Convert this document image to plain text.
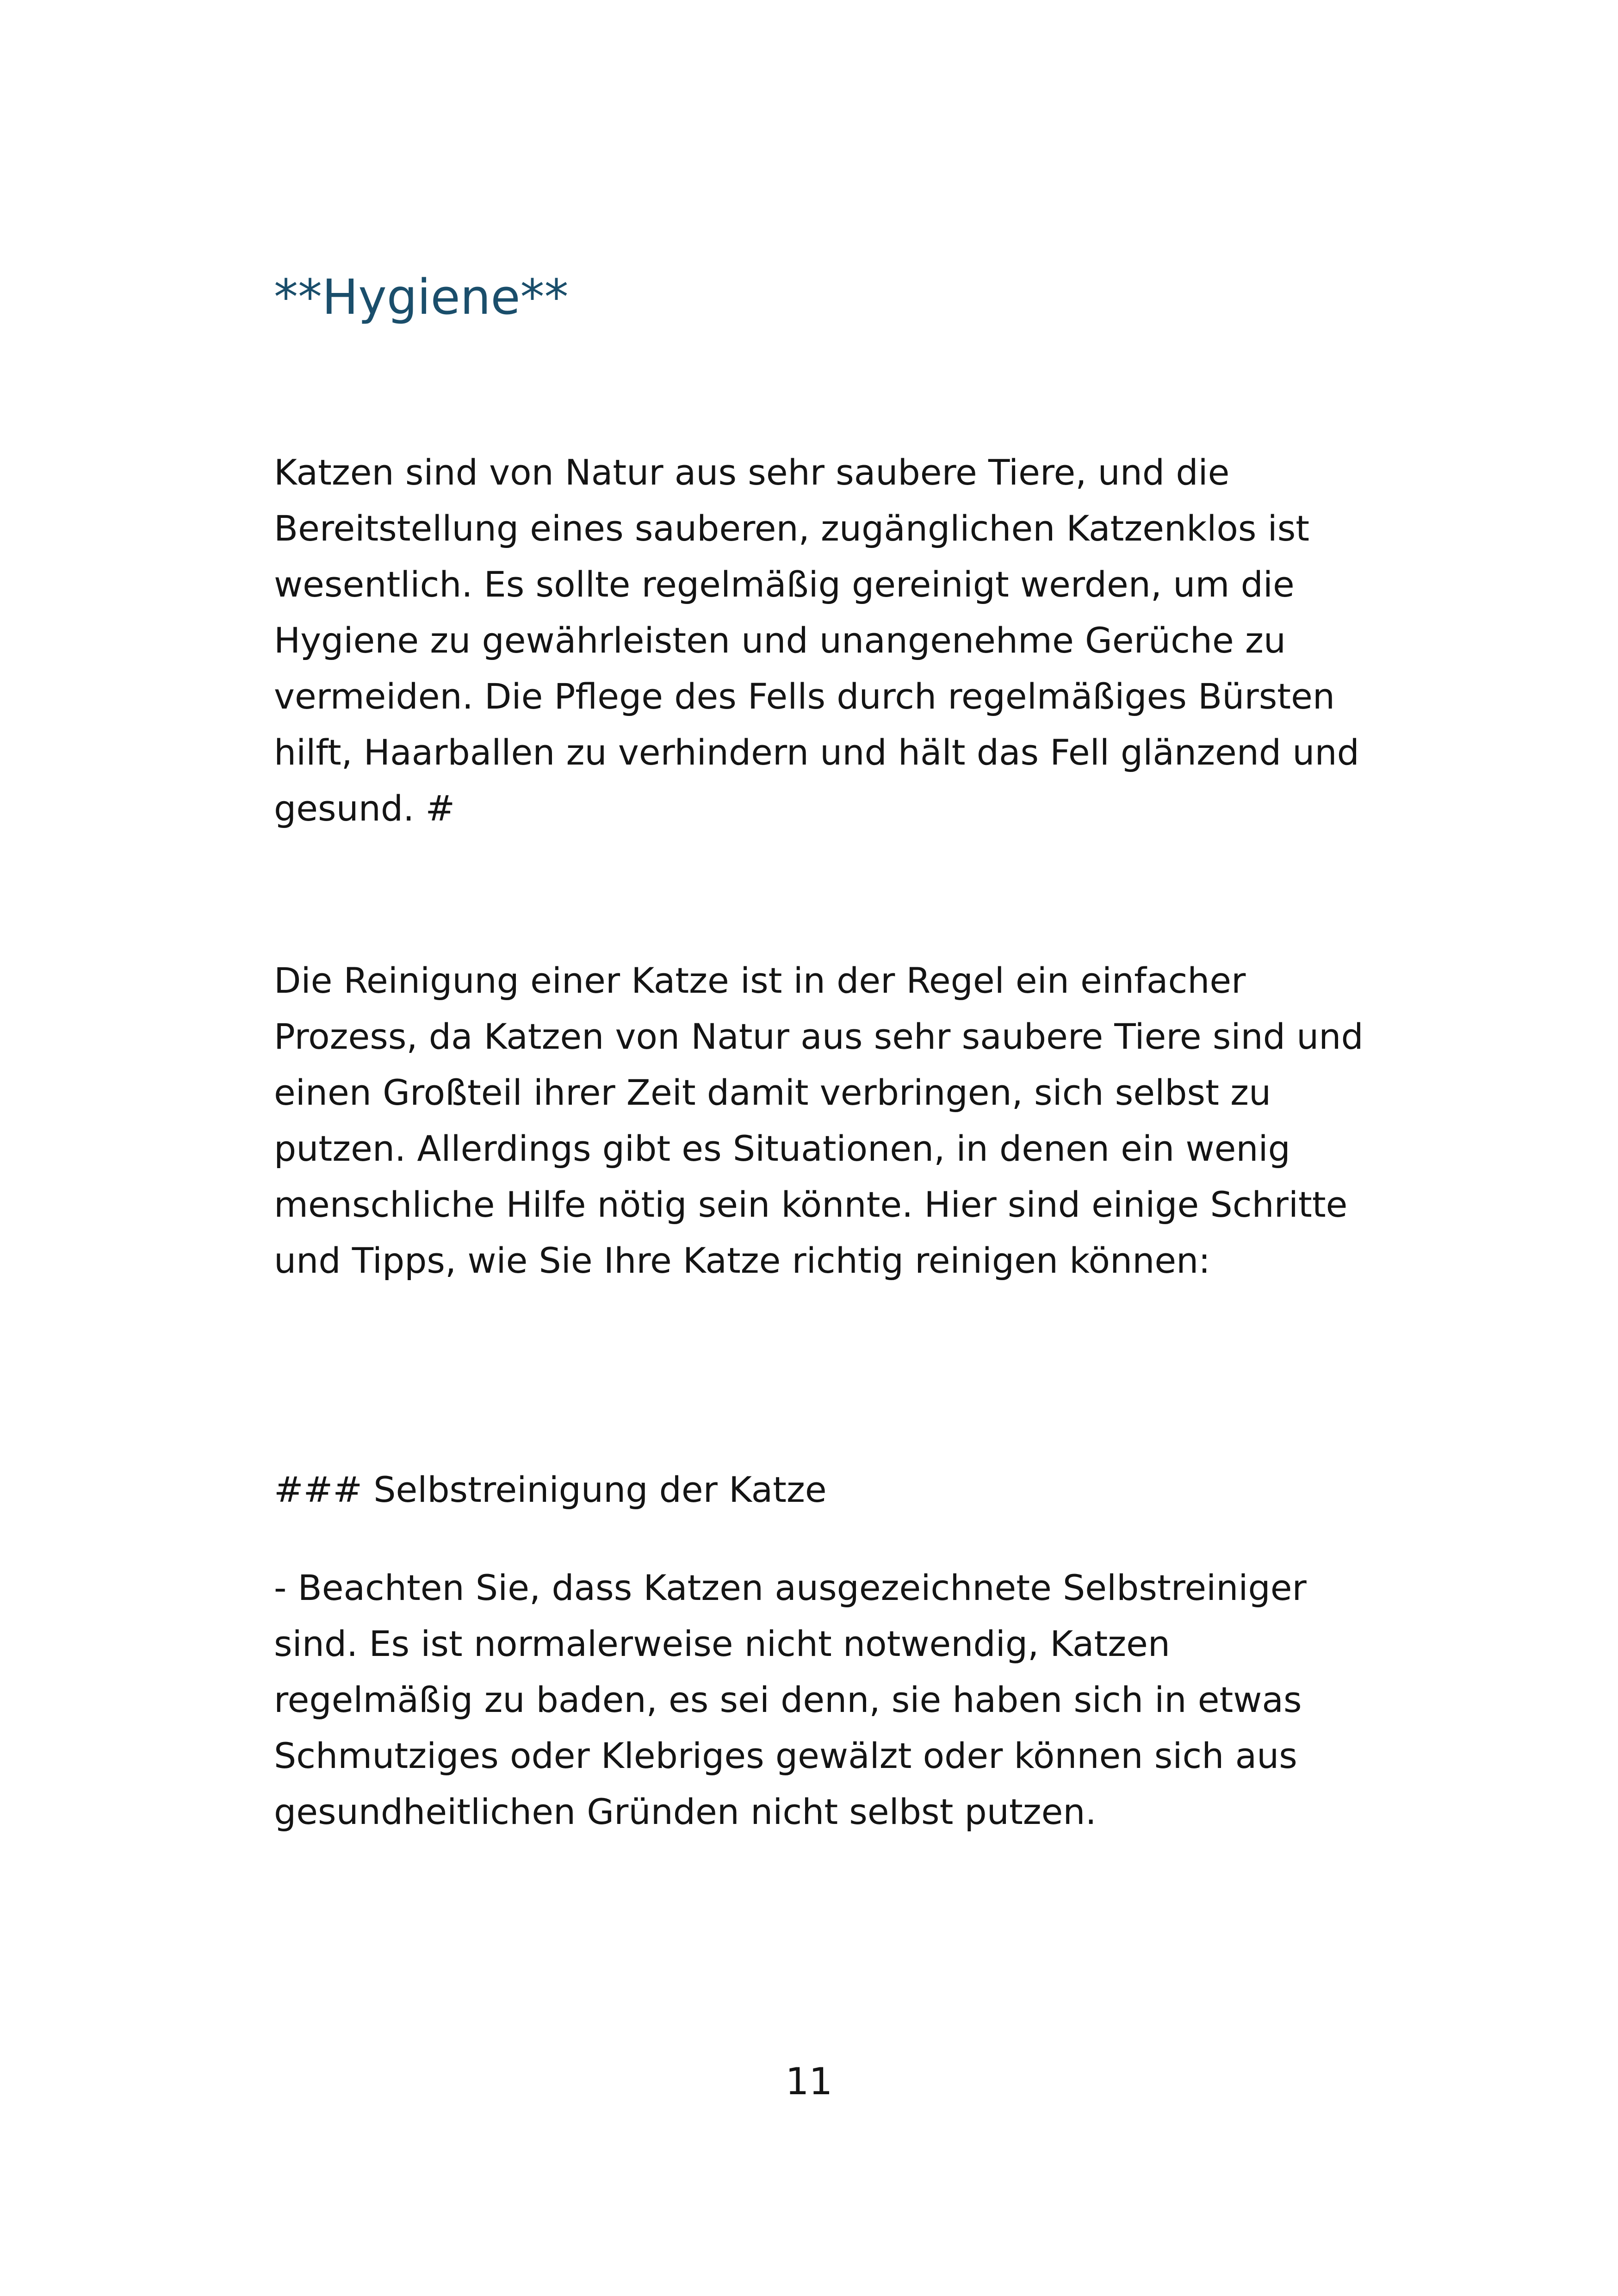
**Hygiene**

Katzen sind von Natur aus sehr saubere Tiere, und die Bereitstellung eines sauberen, zugänglichen Katzenklos ist wesentlich. Es sollte regelmäßig gereinigt werden, um die Hygiene zu gewährleisten und unangenehme Gerüche zu vermeiden. Die Pflege des Fells durch regelmäßiges Bürsten hilft, Haarballen zu verhindern und hält das Fell glänzend und gesund. #

Die Reinigung einer Katze ist in der Regel ein einfacher Prozess, da Katzen von Natur aus sehr saubere Tiere sind und einen Großteil ihrer Zeit damit verbringen, sich selbst zu putzen. Allerdings gibt es Situationen, in denen ein wenig menschliche Hilfe nötig sein könnte. Hier sind einige Schritte und Tipps, wie Sie Ihre Katze richtig reinigen können:

### Selbstreinigung der Katze

- Beachten Sie, dass Katzen ausgezeichnete Selbstreiniger sind. Es ist normalerweise nicht notwendig, Katzen regelmäßig zu baden, es sei denn, sie haben sich in etwas Schmutziges oder Klebriges gewälzt oder können sich aus gesundheitlichen Gründen nicht selbst putzen.

11
